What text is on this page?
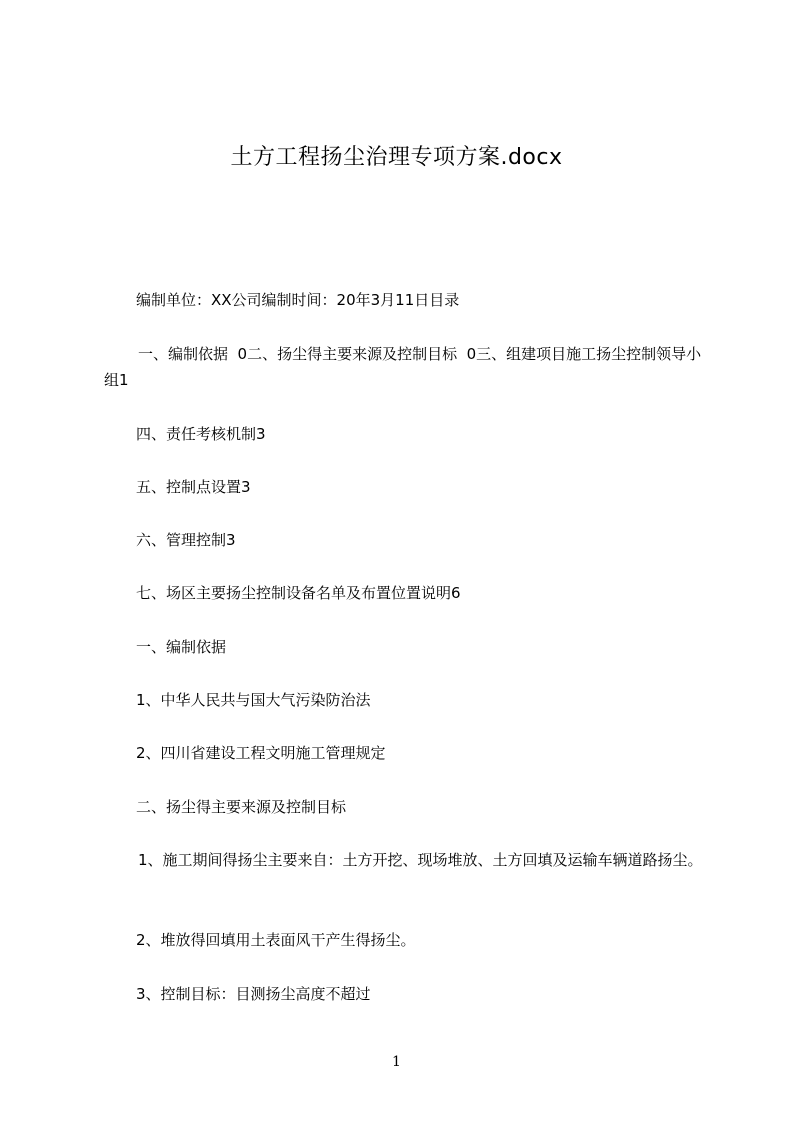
土方工程扬尘治理专项方案.docx
编制单位：XX公司编制时间：20年3月11日目录
一、编制依据  0二、扬尘得主要来源及控制目标  0三、组建项目施工扬尘控制领导小组1
四、责任考核机制3
五、控制点设置3
六、管理控制3
七、场区主要扬尘控制设备名单及布置位置说明6
一、编制依据
1、中华人民共与国大气污染防治法
2、四川省建设工程文明施工管理规定
二、扬尘得主要来源及控制目标
1、施工期间得扬尘主要来自：土方开挖、现场堆放、土方回填及运输车辆道路扬尘。
2、堆放得回填用土表面风干产生得扬尘。
3、控制目标：目测扬尘高度不超过
1
